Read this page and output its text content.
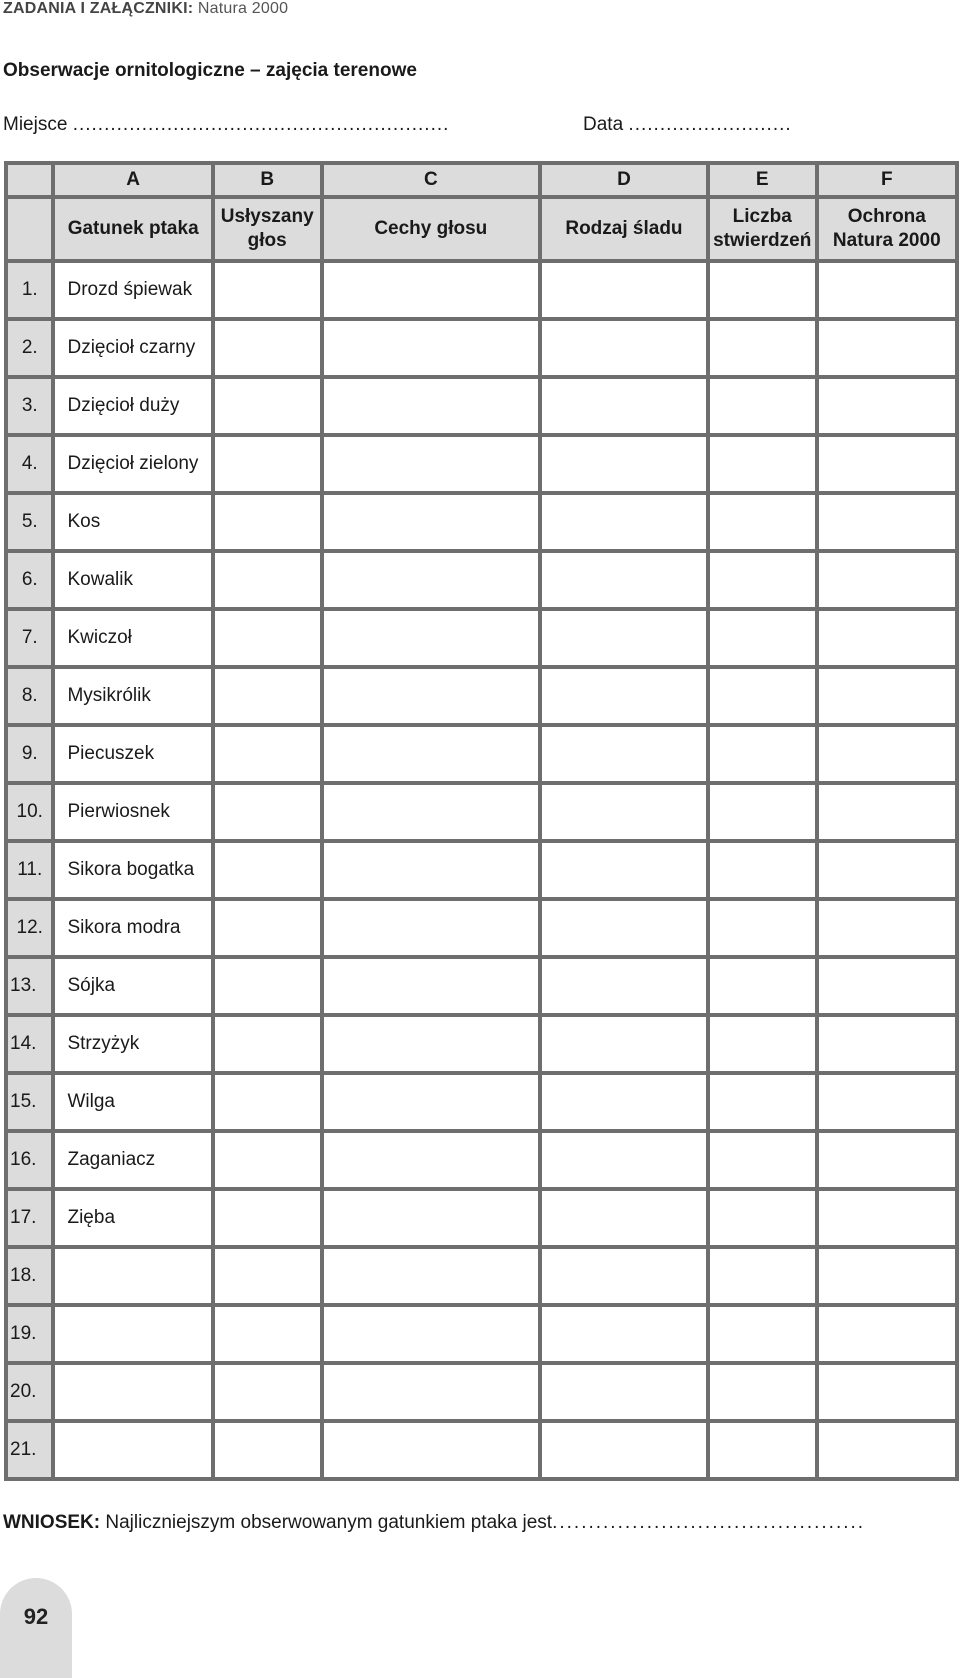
ZADANIA I ZAŁĄCZNIKI: Natura 2000
Obserwacje ornitologiczne – zajęcia terenowe
Miejsce ............................................................	Data ..........................
	A	B	C	D	E	F
	Gatunek ptaka	Usłyszany głos	Cechy głosu	Rodzaj śladu	Liczba stwierdzeń	Ochrona Natura 2000
1.	Drozd śpiewak					
2.	Dzięcioł czarny					
3.	Dzięcioł duży					
4.	Dzięcioł zielony					
5.	Kos					
6.	Kowalik					
7.	Kwiczoł					
8.	Mysikrólik					
9.	Piecuszek					
10.	Pierwiosnek					
11.	Sikora bogatka					
12.	Sikora modra					
13.	Sójka					
14.	Strzyżyk					
15.	Wilga					
16.	Zaganiacz					
17.	Zięba					
18.						
19.						
20.						
21.						
WNIOSEK: Najliczniejszym obserwowanym gatunkiem ptaka jest...........................................
92
